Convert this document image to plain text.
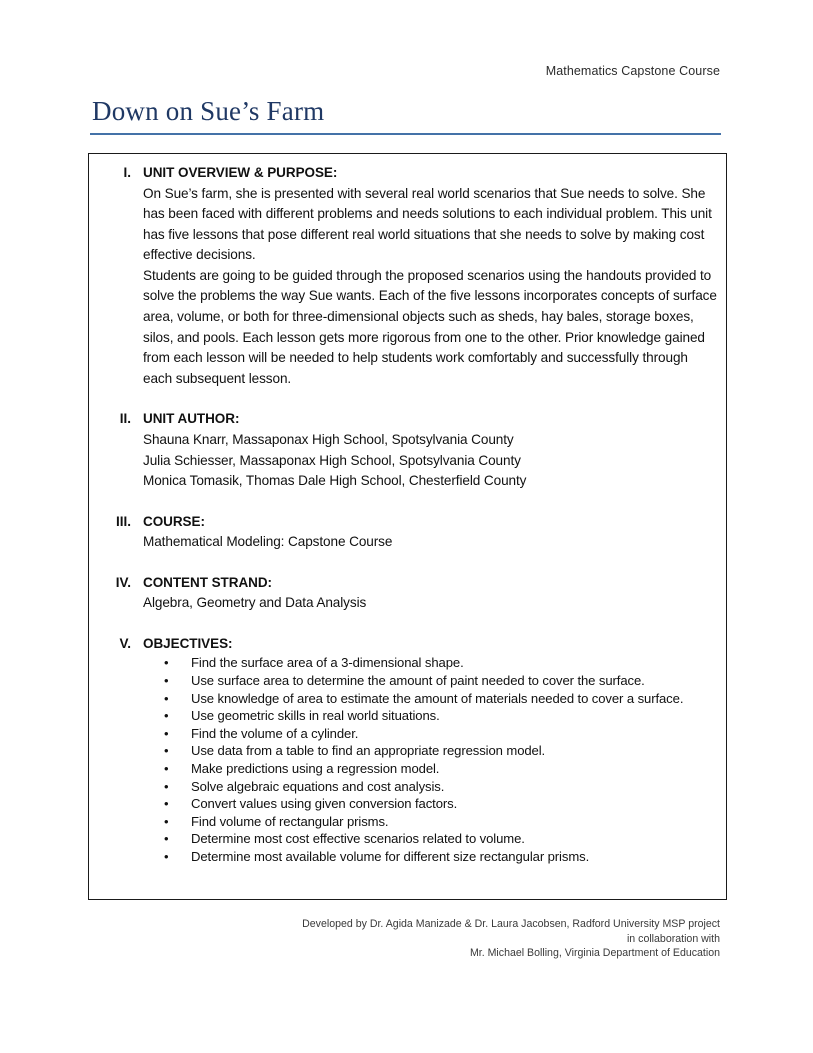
Mathematics Capstone Course
Down on Sue’s Farm
I. UNIT OVERVIEW & PURPOSE:
On Sue’s farm, she is presented with several real world scenarios that Sue needs to solve. She has been faced with different problems and needs solutions to each individual problem. This unit has five lessons that pose different real world situations that she needs to solve by making cost effective decisions.
Students are going to be guided through the proposed scenarios using the handouts provided to solve the problems the way Sue wants. Each of the five lessons incorporates concepts of surface area, volume, or both for three-dimensional objects such as sheds, hay bales, storage boxes, silos, and pools. Each lesson gets more rigorous from one to the other. Prior knowledge gained from each lesson will be needed to help students work comfortably and successfully through each subsequent lesson.
II. UNIT AUTHOR:
Shauna Knarr, Massaponax High School, Spotsylvania County
Julia Schiesser, Massaponax High School, Spotsylvania County
Monica Tomasik, Thomas Dale High School, Chesterfield County
III. COURSE:
Mathematical Modeling: Capstone Course
IV. CONTENT STRAND:
Algebra, Geometry and Data Analysis
V. OBJECTIVES:
• Find the surface area of a 3-dimensional shape.
• Use surface area to determine the amount of paint needed to cover the surface.
• Use knowledge of area to estimate the amount of materials needed to cover a surface.
• Use geometric skills in real world situations.
• Find the volume of a cylinder.
• Use data from a table to find an appropriate regression model.
• Make predictions using a regression model.
• Solve algebraic equations and cost analysis.
• Convert values using given conversion factors.
• Find volume of rectangular prisms.
• Determine most cost effective scenarios related to volume.
• Determine most available volume for different size rectangular prisms.
Developed by Dr. Agida Manizade & Dr. Laura Jacobsen, Radford University MSP project
in collaboration with
Mr. Michael Bolling, Virginia Department of Education
